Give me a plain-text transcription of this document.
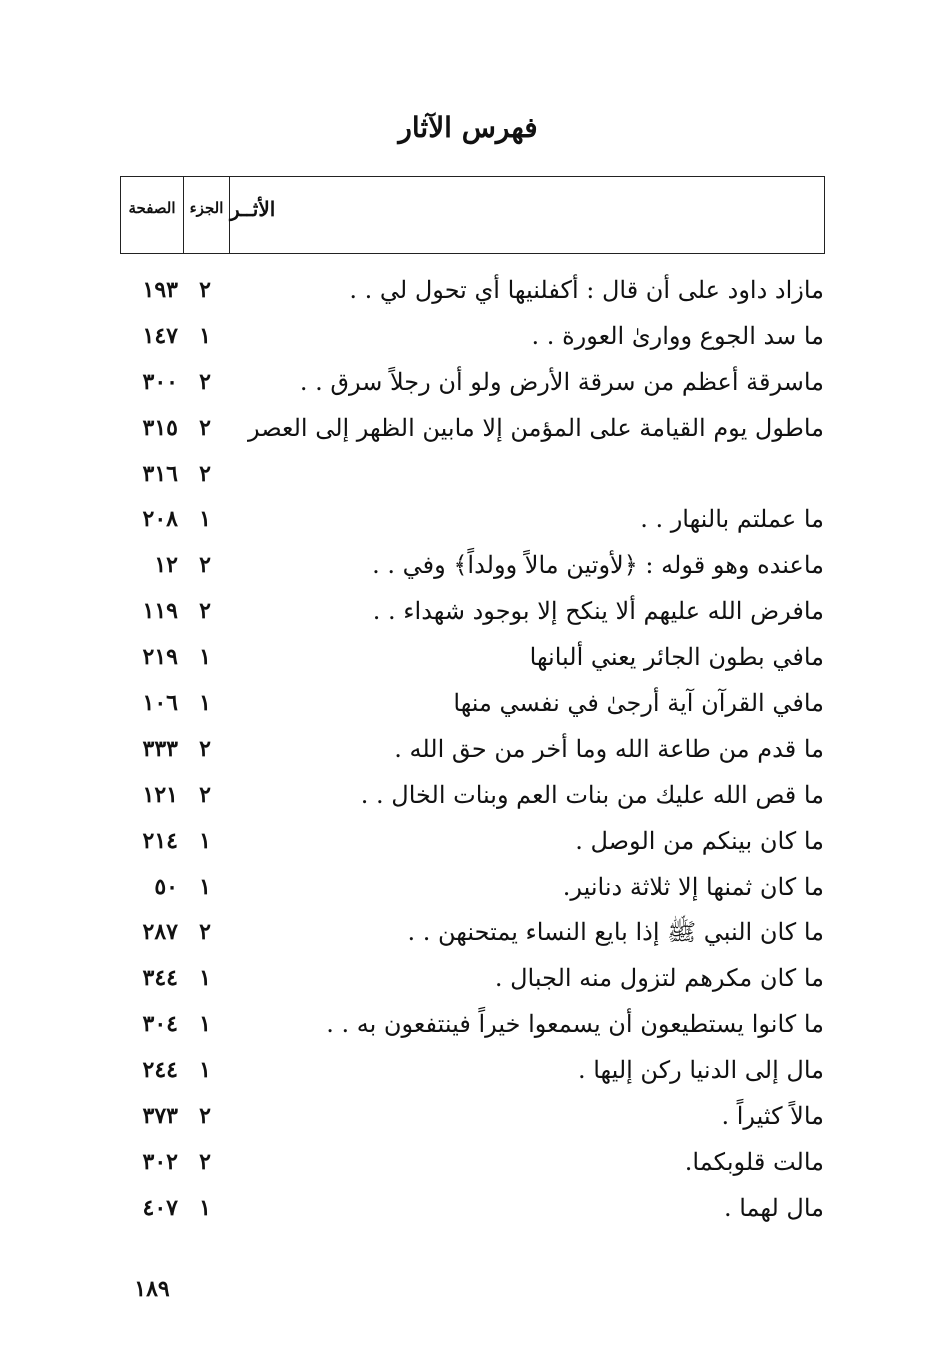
فهرس الآثار
الصفحة الجزء الأثــر
مازاد داود على أن قال : أكفلنيها أي تحول لي . .
٢
١٩٣
ما سد الجوع ووارىٰ العورة . .
١
١٤٧
ماسرقة أعظم من سرقة الأرض ولو أن رجلاً سرق . .
٢
٣٠٠
ماطول يوم القيامة على المؤمن إلا مابين الظهر إلى العصر
٢
٣١٥
٢
٣١٦
ما عملتم بالنهار . .
١
٢٠٨
ماعنده وهو قوله : ﴿لأوتين مالاً وولداً﴾ وفي . .
٢
١٢
مافرض الله عليهم ألا ينكح إلا بوجود شهداء . .
٢
١١٩
مافي بطون الجائر يعني ألبانها
١
٢١٩
مافي القرآن آية أرجىٰ في نفسي منها
١
١٠٦
ما قدم من طاعة الله وما أخر من حق الله .
٢
٣٣٣
ما قص الله عليك من بنات العم وبنات الخال . .
٢
١٢١
ما كان بينكم من الوصل .
١
٢١٤
ما كان ثمنها إلا ثلاثة دنانير.
١
٥٠
ما كان النبي ﷺ إذا بايع النساء يمتحنهن . .
٢
٢٨٧
ما كان مكرهم لتزول منه الجبال .
١
٣٤٤
ما كانوا يستطيعون أن يسمعوا خيراً فينتفعون به . .
١
٣٠٤
مال إلى الدنيا ركن إليها .
١
٢٤٤
مالاً كثيراً .
٢
٣٧٣
مالت قلوبكما.
٢
٣٠٢
مال لهما .
١
٤٠٧
١٨٩
